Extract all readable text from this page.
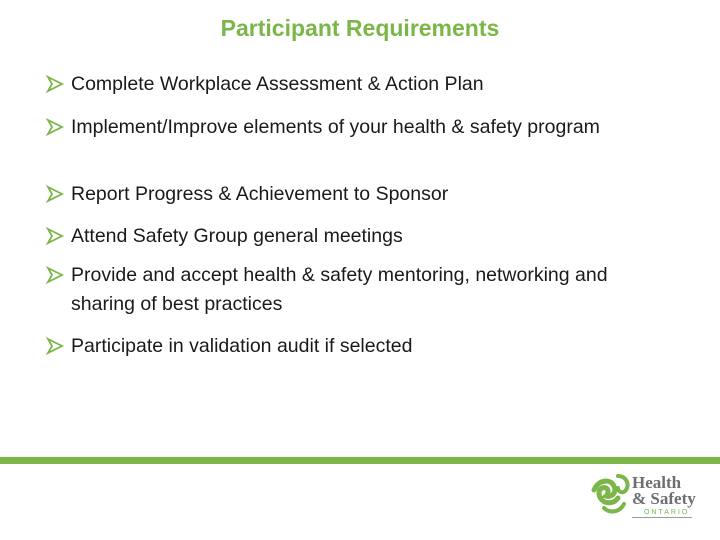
Participant Requirements
Complete Workplace Assessment & Action Plan
Implement/Improve elements of your health & safety program
Report Progress & Achievement to Sponsor
Attend Safety Group general meetings
Provide and accept health & safety mentoring, networking and sharing of best practices
Participate in validation audit if selected
Health
& Safety
ONTARIO
